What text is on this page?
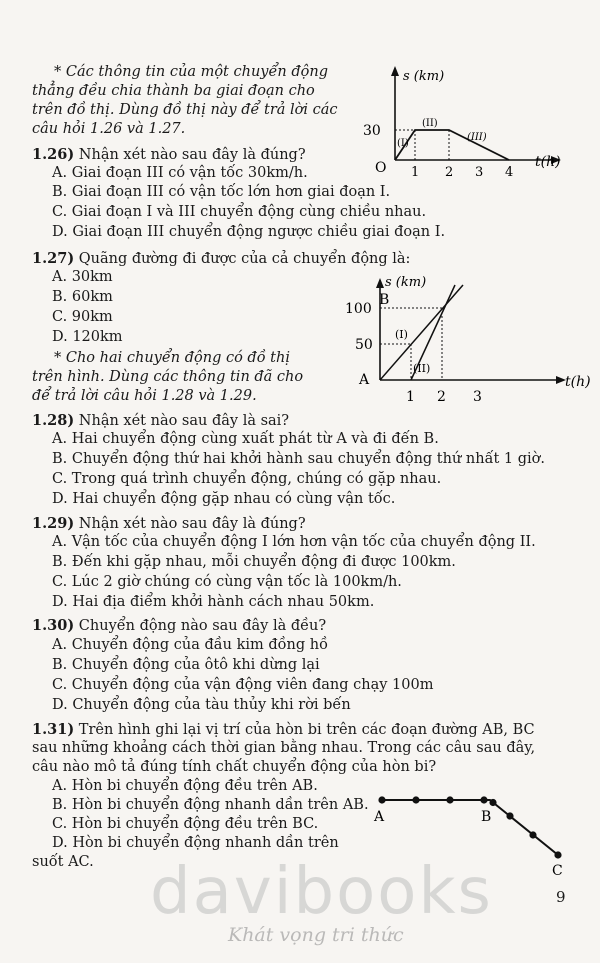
* Các thông tin của một chuyển động
thẳng đều chia thành ba giai đoạn cho
trên đồ thị. Dùng đồ thị này để trả lời các
câu hỏi 1.26 và 1.27.
s (km)
t(h)
O
30
1 2 3 4
(I)
(II)
(III)
1.26) Nhận xét nào sau đây là đúng?
A. Giai đoạn III có vận tốc 30km/h.
B. Giai đoạn III có vận tốc lớn hơn giai đoạn I.
C. Giai đoạn I và III chuyển động cùng chiều nhau.
D. Giai đoạn III chuyển động ngược chiều giai đoạn I.
1.27) Quãng đường đi được của cả chuyển động là:
A. 30km
B. 60km
C. 90km
D. 120km
* Cho hai chuyển động có đồ thị
trên hình. Dùng các thông tin đã cho
để trả lời câu hỏi 1.28 và 1.29.
s (km)
t(h)
A
B
100
50
1 2 3
(I)
(II)
1.28) Nhận xét nào sau đây là sai?
A. Hai chuyển động cùng xuất phát từ A và đi đến B.
B. Chuyển động thứ hai khởi hành sau chuyển động thứ nhất 1 giờ.
C. Trong quá trình chuyển động, chúng có gặp nhau.
D. Hai chuyển động gặp nhau có cùng vận tốc.
1.29) Nhận xét nào sau đây là đúng?
A. Vận tốc của chuyển động I lớn hơn vận tốc của chuyển động II.
B. Đến khi gặp nhau, mỗi chuyển động đi được 100km.
C. Lúc 2 giờ chúng có cùng vận tốc là 100km/h.
D. Hai địa điểm khởi hành cách nhau 50km.
1.30) Chuyển động nào sau đây là đều?
A. Chuyển động của đầu kim đồng hồ
B. Chuyển động của ôtô khi dừng lại
C. Chuyển động của vận động viên đang chạy 100m
D. Chuyển động của tàu thủy khi rời bến
1.31) Trên hình ghi lại vị trí của hòn bi trên các đoạn đường AB, BC
sau những khoảng cách thời gian bằng nhau. Trong các câu sau đây,
câu nào mô tả đúng tính chất chuyển động của hòn bi?
A. Hòn bi chuyển động đều trên AB.
B. Hòn bi chuyển động nhanh dần trên AB.
C. Hòn bi chuyển động đều trên BC.
D. Hòn bi chuyển động nhanh dần trên
suốt AC.
A	B
C
davibooks
Khát vọng tri thức
9
